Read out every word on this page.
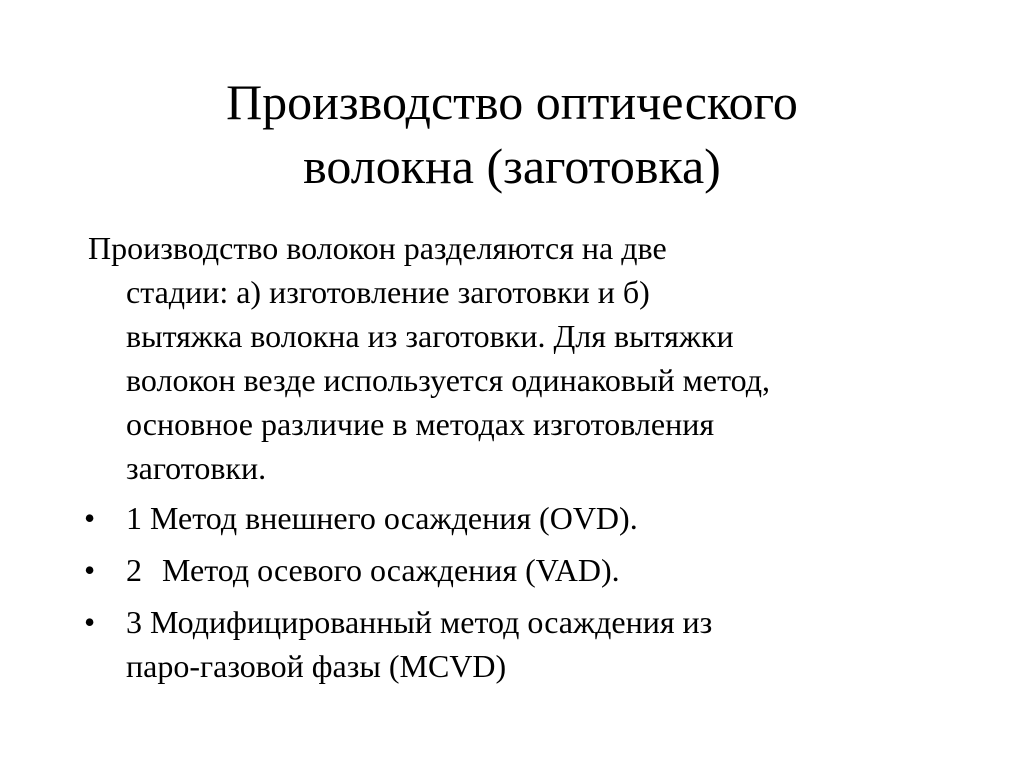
Производство оптического
волокна (заготовка)
Производство волокон разделяются на две
стадии: а) изготовление заготовки и б)
вытяжка волокна из заготовки. Для вытяжки
волокон везде используется одинаковый метод,
основное различие в методах изготовления
заготовки.
• 1 Метод внешнего осаждения (OVD).
• 2 Метод осевого осаждения (VAD).
• 3 Модифицированный метод осаждения из
паро-газовой фазы (MCVD)
